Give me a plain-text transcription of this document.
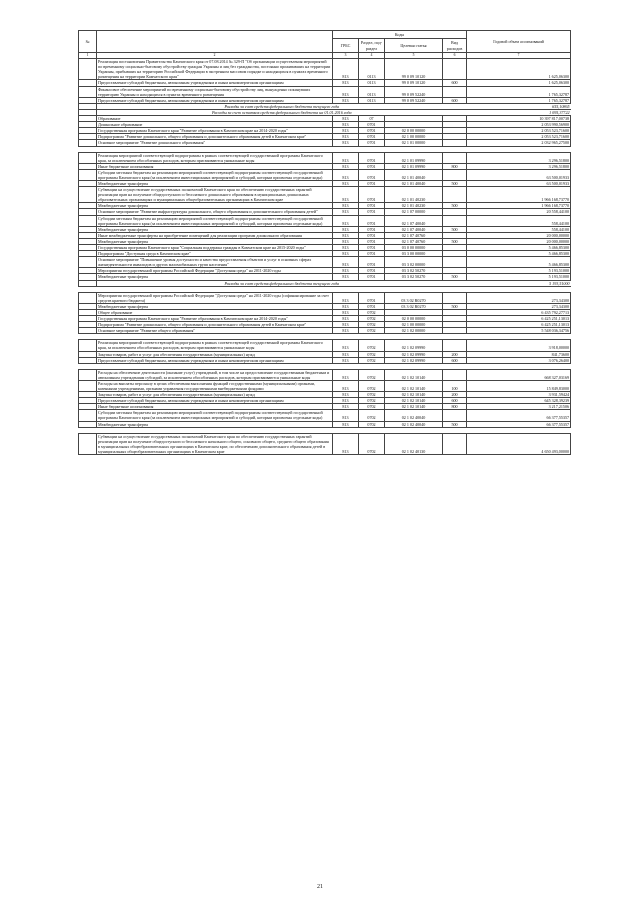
№		Коды				Годовой объем ассигнований
		ГРБС	Раздел, под-раздел	Целевая статья	Вид расходов	
1	2	3	4	5	6	7
	Реализация постановления Правительства Камчатского края от 07.08.2014 № 329-П "Об организации осуществления мероприятий по временному социально-бытовому обустройству граждан Украины и лиц без гражданства, постоянно проживавших на территории Украины, прибывших на территорию Российской Федерации в экстренном массовом порядке и находящихся в пунктах временного размещения на территории Камчатского края"	813	0113	99 0 09 10120		1 625,06300
	Предоставление субсидий бюджетным, автономным учреждениям и иным некоммерческим организациям	813	0113	99 0 09 10120	600	1 625,06300
	Финансовое обеспечение мероприятий по временному социально-бытовому обустройству лиц, вынужденно покинувших территорию Украины и находящихся в пунктах временного размещения	813	0113	99 0 09 52240		1 765,32787
	Предоставление субсидий бюджетным, автономным учреждениям и иным некоммерческим организациям	813	0113	99 0 09 52240	600	1 765,32787
	Расходы за счет средств федерального бюджета текущего года					655,10865
	Расходы за счет остатков средств федерального бюджета на 01.01.2016 года					1 095,37722
	Образование	813	07			10 397 817,00738
	Дошкольное образование	813	0701			2 053 990,56900
	Государственная программа Камчатского края "Развитие образования в Камчатском крае на 2014-2020 годы"	813	0701	02 0 00 00000		2 053 523,71600
	Подпрограмма "Развитие дошкольного, общего образования и дополнительного образования детей в Камчатском крае"	813	0701	02 1 00 00000		2 053 523,71600
	Основное мероприятие "Развитие дошкольного образования"	813	0701	02 1 01 00000		2 032 965,27500

	Реализация мероприятий соответствующей подпрограммы в рамках соответствующей государственной программы Камчатского края, за исключением обособленных расходов, которым присваиваются уникальные коды	813	0701	02 1 01 09990		3 296,51800
	Иные бюджетные ассигнования	813	0701	02 1 01 09990	800	3 296,51800
	Субсидии местным бюджетам на реализацию мероприятий соответствующей подпрограммы соответствующей государственной программы Камчатского края (за исключением инвестиционных мероприятий и субсидий, которым присвоены отдельные коды)	813	0701	02 1 01 40040		63 500,01933
	Межбюджетные трансферты	813	0701	02 1 01 40040	500	63 500,01933
	Субвенции на осуществление государственных полномочий Камчатского края по обеспечению государственных гарантий реализации прав на получение общедоступного и бесплатного дошкольного образования в муниципальных дошкольных образовательных организациях и муниципальных общеобразовательных организациях в Камчатском крае	813	0701	02 1 01 40230		1 966 168,73770
	Межбюджетные трансферты	813	0701	02 1 01 40230	500	1 966 168,73770
	Основное мероприятие "Развитие инфраструктуры дошкольного, общего образования и дополнительного образования детей"	813	0701	02 1 07 00000		20 558,44100
	Субсидии местным бюджетам на реализацию мероприятий соответствующей подпрограммы соответствующей государственной программы Камчатского края (за исключением инвестиционных мероприятий и субсидий, которым присвоены отдельные коды)	813	0701	02 1 07 40040		558,44100
	Межбюджетные трансферты	813	0701	02 1 07 40040	500	558,44100
	Иные межбюджетные трансферты на приобретение помещений для реализации программ дошкольного образования	813	0701	02 1 07 40760		20 000,00000
	Межбюджетные трансферты	813	0701	02 1 07 40760	500	20 000,00000
	Государственная программа Камчатского края "Социальная поддержка граждан в Камчатском крае на 2015-2020 годы"	813	0701	03 0 00 00000		5 466,85300
	Подпрограмма "Доступная среда в Камчатском крае"	813	0701	03 3 00 00000		5 466,85300
	Основное мероприятие "Повышение уровня доступности и качества предоставления объектов и услуг в основных сферах жизнедеятельности инвалидов и других маломобильных групп населения"	813	0701	03 3 02 00000		5 466,85300
	Мероприятия государственной программы Российской Федерации "Доступная среда" на 2011-2020 годы	813	0701	03 3 02 50270		5 193,51000
	Межбюджетные трансферты	813	0701	03 3 02 50270	500	5 193,51000
	Расходы за счет средств федерального бюджета текущего года					5 193,51000

	Мероприятия государственной программы Российской Федерации "Доступная среда" на 2011-2020 годы (софинансирование за счет средств краевого бюджета)	813	0701	03 3 02 R0270		273,34300
	Межбюджетные трансферты	813	0701	03 3 02 R0270	500	273,34300
	Общее образование	813	0702			6 435 792,27713
	Государственная программа Камчатского края "Развитие образования в Камчатском крае на 2014-2020 годы"	813	0702	02 0 00 00000		6 425 251,13013
	Подпрограмма "Развитие дошкольного, общего образования и дополнительного образования детей в Камчатском крае"	813	0702	02 1 00 00000		6 425 251,13013
	Основное мероприятие "Развитие общего образования"	813	0702	02 1 02 00000		5 548 036,34756

	Реализация мероприятий соответствующей подпрограммы в рамках соответствующей государственной программы Камчатского края, за исключением обособленных расходов, которым присваиваются уникальные коды	813	0702	02 1 02 09990		3 918,00000
	Закупка товаров, работ и услуг для обеспечения государственных (муниципальных) нужд	813	0702	02 1 02 09990	200	841,73600
	Предоставление субсидий бюджетным, автономным учреждениям и иным некоммерческим организациям	813	0702	02 1 02 09990	600	3 076,26400

	Расходы на обеспечение деятельности (оказание услуг) учреждений, в том числе на предоставление государственным бюджетным и автономным учреждениям субсидий, за исключением обособленных расходов, которым присваиваются уникальные коды	813	0702	02 1 02 10140		668 327,03169
	Расходы на выплаты персоналу в целях обеспечения выполнения функций государственными (муниципальными) органами, казенными учреждениями, органами управления государственными внебюджетными фондами	813	0702	02 1 02 10140	100	15 849,83000
	Закупка товаров, работ и услуг для обеспечения государственных (муниципальных) нужд	813	0702	02 1 02 10140	200	3 931,59424
	Предоставление субсидий бюджетным, автономным учреждениям и иным некоммерческим организациям	813	0702	02 1 02 10140	600	645 328,39239
	Иные бюджетные ассигнования	813	0702	02 1 02 10140	800	3 217,21506
	Субсидии местным бюджетам на реализацию мероприятий соответствующей подпрограммы соответствующей государственной программы Камчатского края (за исключением инвестиционных мероприятий и субсидий, которым присвоены отдельные коды)	813	0702	02 1 02 40040		66 377,55357
	Межбюджетные трансферты	813	0702	02 1 02 40040	500	66 377,55357

	Субвенции на осуществление государственных полномочий Камчатского края по обеспечению государственных гарантий реализации прав на получение общедоступного и бесплатного начального общего, основного общего, среднего общего образования в муниципальных общеобразовательных организациях в Камчатском крае, по обеспечению дополнительного образования детей в муниципальных общеобразовательных организациях в Камчатском крае	813	0702	02 1 02 40130		4 650 493,00000
21
